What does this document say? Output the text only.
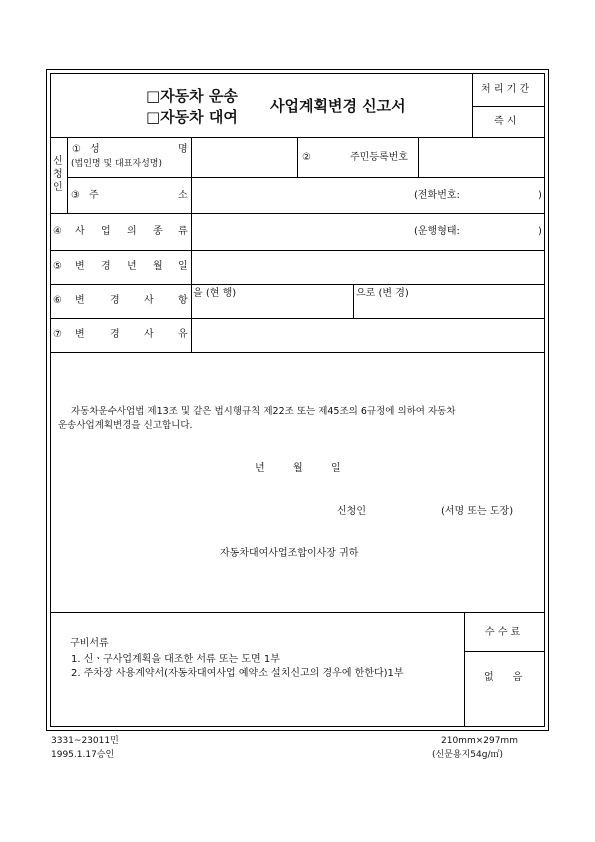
□자동차 운송
□자동차 대여
사업계획변경 신고서
처 리 기 간
즉 시
신
청
인
① 성	명
(법인명 및 대표자성명)
②	주민등록번호
③ 주	소	(전화번호:	)
④ 사 업 의 종 류	(운행형태:	)
⑤ 변 경 년 월 일
⑥ 변	경 사 항
을 (현 행)	으로 (변 경)
⑦ 변	경 사 유
자동차운수사업법 제13조 및 같은 법시행규칙 제22조 또는 제45조의 6규정에 의하여 자동차
운송사업계획변경을 신고합니다.
년	월	일
신청인	(서명 또는 도장)
자동차대여사업조합이사장 귀하
구비서류
1. 신ㆍ구사업계획을 대조한 서류 또는 도면 1부
2. 주차장 사용계약서(자동차대여사업 예약소 설치신고의 경우에 한한다)1부
수 수 료
없      음
3331~23011민
1995.1.17승인
210mm×297mm
(신문용지54g/㎡)
